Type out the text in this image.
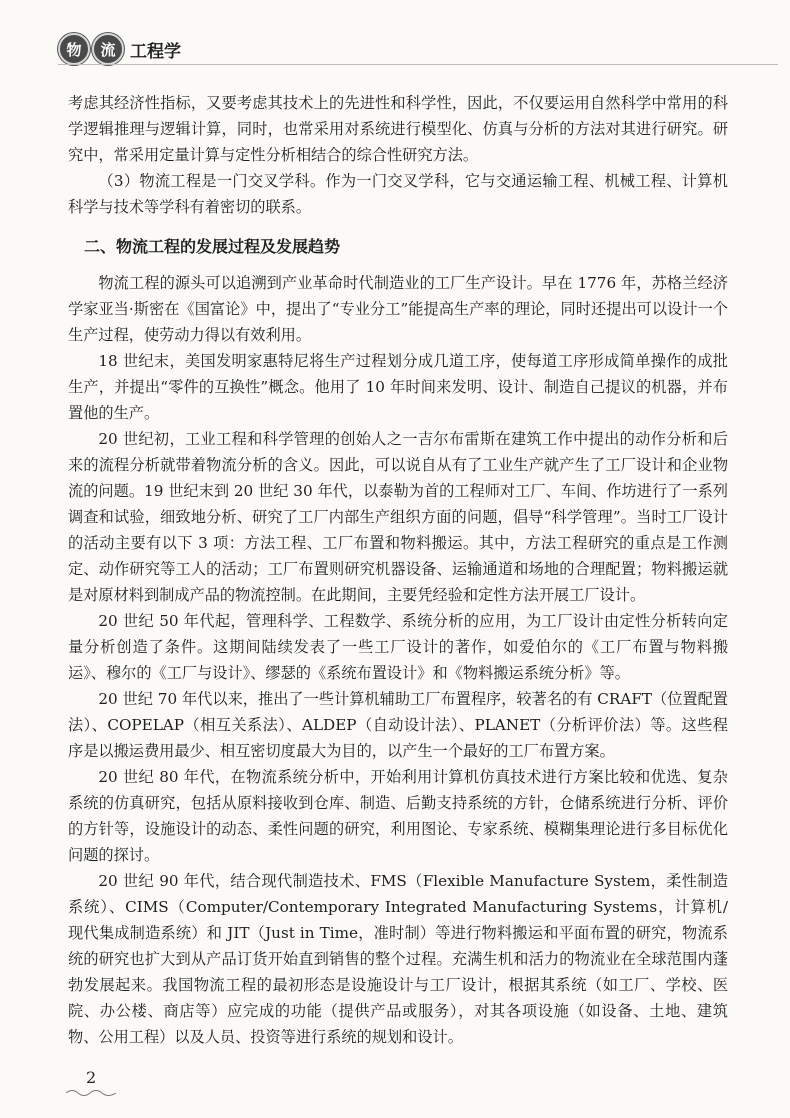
物	流 工程学

考虑其经济性指标，又要考虑其技术上的先进性和科学性，因此，不仅要运用自然科学中常用的科学逻辑推理与逻辑计算，同时，也常采用对系统进行模型化、仿真与分析的方法对其进行研究。研究中，常采用定量计算与定性分析相结合的综合性研究方法。

（3）物流工程是一门交叉学科。作为一门交叉学科，它与交通运输工程、机械工程、计算机科学与技术等学科有着密切的联系。

二、物流工程的发展过程及发展趋势

物流工程的源头可以追溯到产业革命时代制造业的工厂生产设计。早在 1776 年，苏格兰经济学家亚当·斯密在《国富论》中，提出了“专业分工”能提高生产率的理论，同时还提出可以设计一个生产过程，使劳动力得以有效利用。

18 世纪末，美国发明家惠特尼将生产过程划分成几道工序，使每道工序形成简单操作的成批生产，并提出“零件的互换性”概念。他用了 10 年时间来发明、设计、制造自己提议的机器，并布置他的生产。

20 世纪初，工业工程和科学管理的创始人之一吉尔布雷斯在建筑工作中提出的动作分析和后来的流程分析就带着物流分析的含义。因此，可以说自从有了工业生产就产生了工厂设计和企业物流的问题。19 世纪末到 20 世纪 30 年代，以泰勒为首的工程师对工厂、车间、作坊进行了一系列调查和试验，细致地分析、研究了工厂内部生产组织方面的问题，倡导“科学管理”。当时工厂设计的活动主要有以下 3 项：方法工程、工厂布置和物料搬运。其中，方法工程研究的重点是工作测定、动作研究等工人的活动；工厂布置则研究机器设备、运输通道和场地的合理配置；物料搬运就是对原材料到制成产品的物流控制。在此期间，主要凭经验和定性方法开展工厂设计。

20 世纪 50 年代起，管理科学、工程数学、系统分析的应用，为工厂设计由定性分析转向定量分析创造了条件。这期间陆续发表了一些工厂设计的著作，如爱伯尔的《工厂布置与物料搬运》、穆尔的《工厂与设计》、缪瑟的《系统布置设计》和《物料搬运系统分析》等。

20 世纪 70 年代以来，推出了一些计算机辅助工厂布置程序，较著名的有 CRAFT（位置配置法）、COPELAP（相互关系法）、ALDEP（自动设计法）、PLANET（分析评价法）等。这些程序是以搬运费用最少、相互密切度最大为目的，以产生一个最好的工厂布置方案。

20 世纪 80 年代，在物流系统分析中，开始利用计算机仿真技术进行方案比较和优选、复杂系统的仿真研究，包括从原料接收到仓库、制造、后勤支持系统的方针，仓储系统进行分析、评价的方针等，设施设计的动态、柔性问题的研究，利用图论、专家系统、模糊集理论进行多目标优化问题的探讨。

20 世纪 90 年代，结合现代制造技术、FMS（Flexible Manufacture System，柔性制造系统）、CIMS（Computer/Contemporary Integrated Manufacturing Systems，计算机/现代集成制造系统）和 JIT（Just in Time，准时制）等进行物料搬运和平面布置的研究，物流系统的研究也扩大到从产品订货开始直到销售的整个过程。充满生机和活力的物流业在全球范围内蓬勃发展起来。我国物流工程的最初形态是设施设计与工厂设计，根据其系统（如工厂、学校、医院、办公楼、商店等）应完成的功能（提供产品或服务），对其各项设施（如设备、土地、建筑物、公用工程）以及人员、投资等进行系统的规划和设计。

2
